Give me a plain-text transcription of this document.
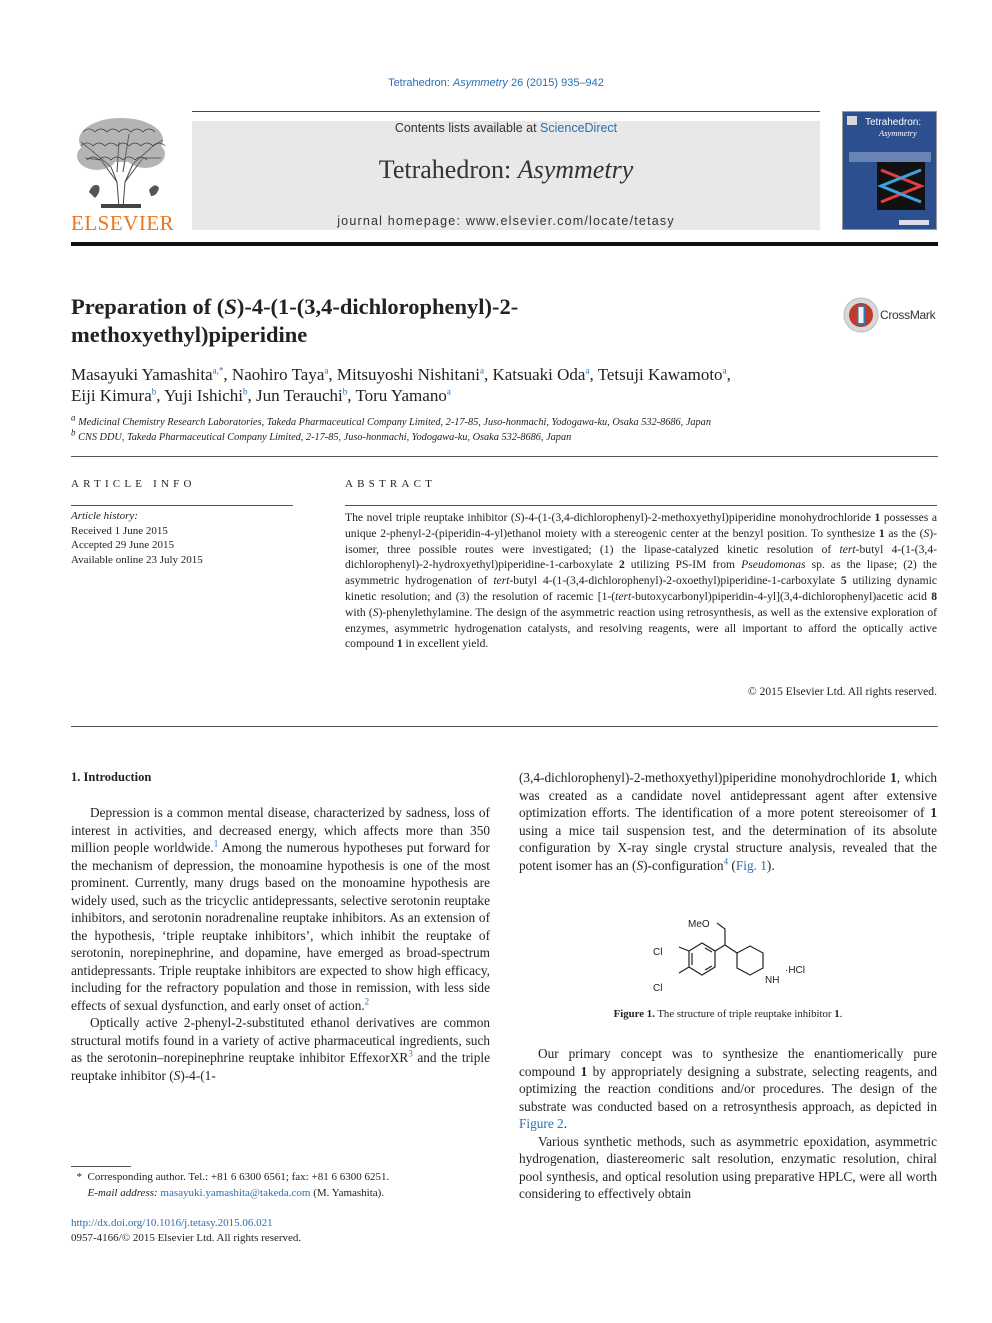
Tetrahedron: Asymmetry 26 (2015) 935–942
ELSEVIER
Contents lists available at ScienceDirect
Tetrahedron: Asymmetry
journal homepage: www.elsevier.com/locate/tetasy
Tetrahedron:
Asymmetry
Preparation of (S)-4-(1-(3,4-dichlorophenyl)-2-methoxyethyl)piperidine
CrossMark
Masayuki Yamashita$^{a,*}$, Naohiro Taya$^a$, Mitsuyoshi Nishitani$^a$, Katsuaki Oda$^a$, Tetsuji Kawamoto$^a$,
Eiji Kimura$^b$, Yuji Ishichi$^b$, Jun Terauchi$^b$, Toru Yamano$^a$
$^a$ Medicinal Chemistry Research Laboratories, Takeda Pharmaceutical Company Limited, 2-17-85, Juso-honmachi, Yodogawa-ku, Osaka 532-8686, Japan
$^b$ CNS DDU, Takeda Pharmaceutical Company Limited, 2-17-85, Juso-honmachi, Yodogawa-ku, Osaka 532-8686, Japan
ARTICLE INFO
Article history:
Received 1 June 2015
Accepted 29 June 2015
Available online 23 July 2015
ABSTRACT
The novel triple reuptake inhibitor (S)-4-(1-(3,4-dichlorophenyl)-2-methoxyethyl)piperidine monohydrochloride 1 possesses a unique 2-phenyl-2-(piperidin-4-yl)ethanol moiety with a stereogenic center at the benzyl position. To synthesize 1 as the (S)-isomer, three possible routes were investigated; (1) the lipase-catalyzed kinetic resolution of tert-butyl 4-(1-(3,4-dichlorophenyl)-2-hydroxyethyl)piperidine-1-carboxylate 2 utilizing PS-IM from Pseudomonas sp. as the lipase; (2) the asymmetric hydrogenation of tert-butyl 4-(1-(3,4-dichlorophenyl)-2-oxoethyl)piperidine-1-carboxylate 5 utilizing dynamic kinetic resolution; and (3) the resolution of racemic [1-(tert-butoxycarbonyl)piperidin-4-yl](3,4-dichlorophenyl)acetic acid 8 with (S)-phenylethylamine. The design of the asymmetric reaction using retrosynthesis, as well as the extensive exploration of enzymes, asymmetric hydrogenation catalysts, and resolving reagents, were all important to afford the optically active compound 1 in excellent yield.
© 2015 Elsevier Ltd. All rights reserved.
1. Introduction

Depression is a common mental disease, characterized by sadness, loss of interest in activities, and decreased energy, which affects more than 350 million people worldwide.$^1$ Among the numerous hypotheses put forward for the mechanism of depression, the monoamine hypothesis is one of the most prominent. Currently, many drugs based on the monoamine hypothesis are widely used, such as the tricyclic antidepressants, selective serotonin reuptake inhibitors, and serotonin noradrenaline reuptake inhibitors. As an extension of the hypothesis, ‘triple reuptake inhibitors’, which inhibit the reuptake of serotonin, norepinephrine, and dopamine, have emerged as broad-spectrum antidepressants. Triple reuptake inhibitors are expected to show high efficacy, including for the refractory population and those in remission, with less side effects of sexual dysfunction, and early onset of action.$^2$

Optically active 2-phenyl-2-substituted ethanol derivatives are common structural motifs found in a variety of active pharmaceutical ingredients, such as the serotonin–norepinephrine reuptake inhibitor EffexorXR$^3$ and the triple reuptake inhibitor (S)-4-(1-

(3,4-dichlorophenyl)-2-methoxyethyl)piperidine monohydrochloride 1, which was created as a candidate novel antidepressant agent after extensive optimization efforts. The identification of a more potent stereoisomer of 1 using a mice tail suspension test, and the determination of its absolute configuration by X-ray single crystal structure analysis, revealed that the potent isomer has an (S)-configuration$^4$ (Fig. 1).

MeO
Cl
Cl
NH
·HCl
Figure 1. The structure of triple reuptake inhibitor 1.

Our primary concept was to synthesize the enantiomerically pure compound 1 by appropriately designing a substrate, selecting reagents, and optimizing the reaction conditions and/or procedures. The design of the substrate was conducted based on a retrosynthesis approach, as depicted in Figure 2.

Various synthetic methods, such as asymmetric epoxidation, asymmetric hydrogenation, diastereomeric salt resolution, enzymatic resolution, chiral pool synthesis, and optical resolution using preparative HPLC, were all worth considering to effectively obtain

*  Corresponding author. Tel.: +81 6 6300 6561; fax: +81 6 6300 6251.
E-mail address: masayuki.yamashita@takeda.com (M. Yamashita).
http://dx.doi.org/10.1016/j.tetasy.2015.06.021
0957-4166/© 2015 Elsevier Ltd. All rights reserved.
